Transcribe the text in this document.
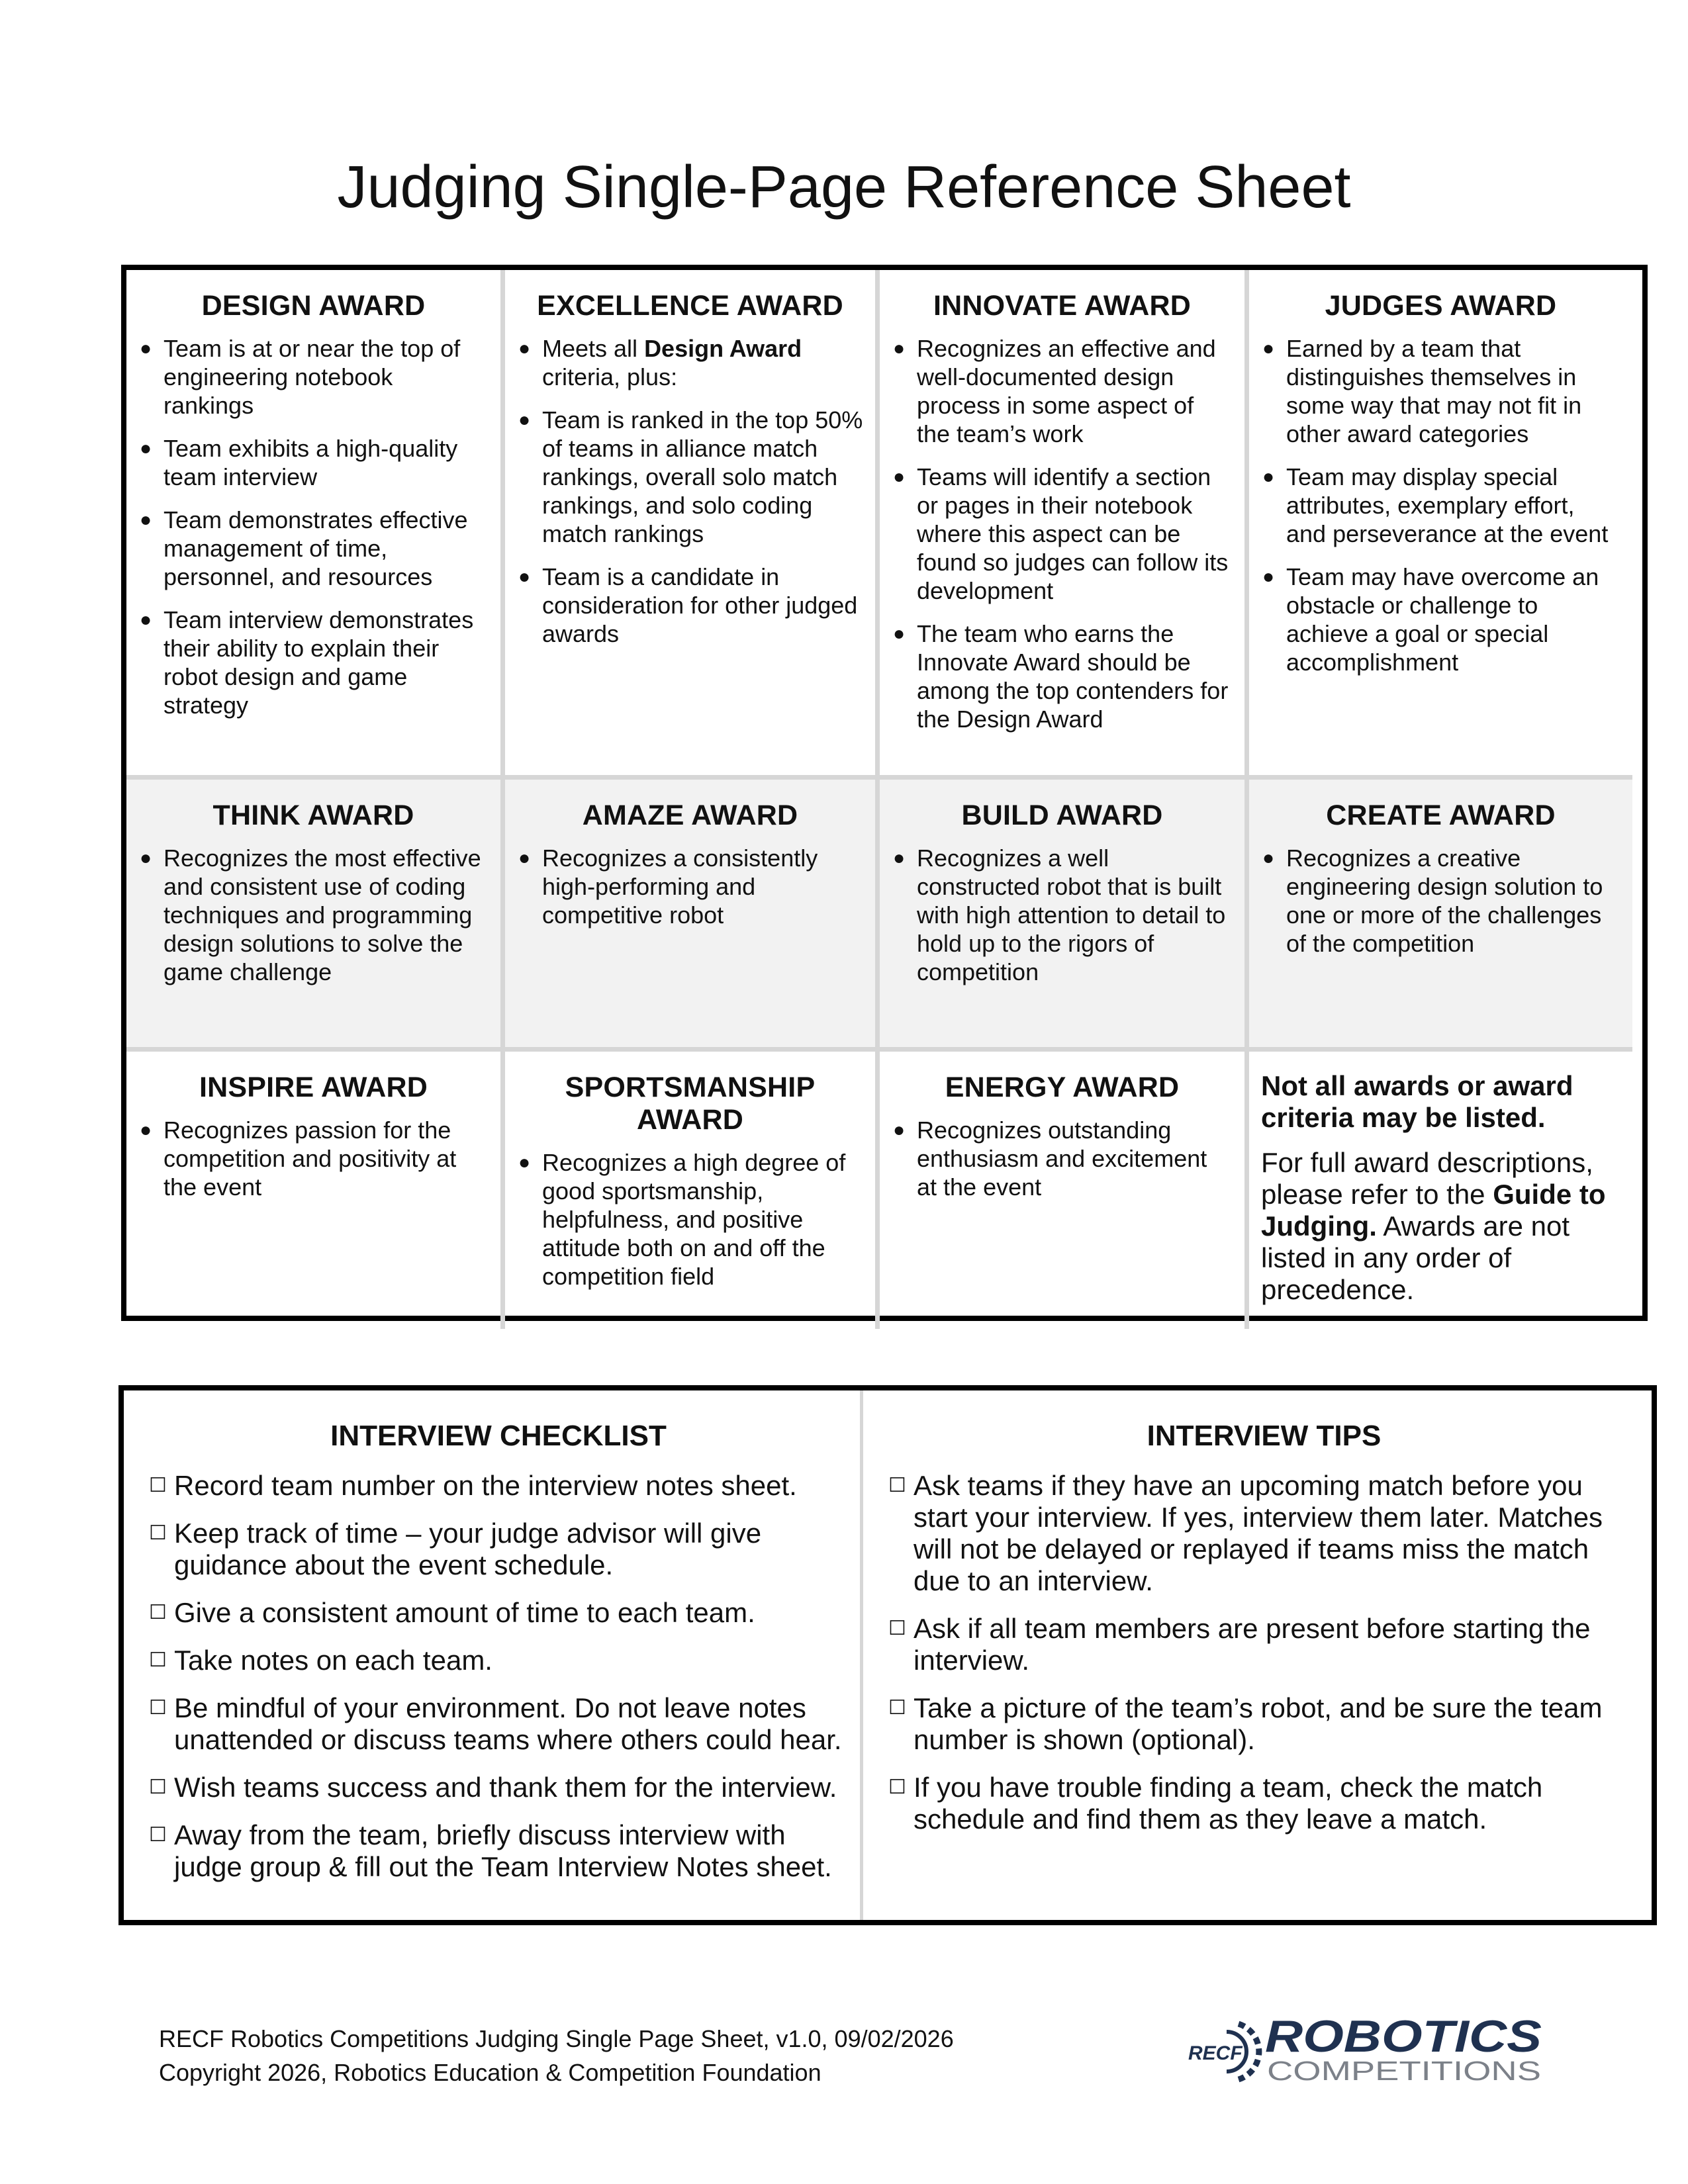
Judging Single-Page Reference Sheet
DESIGN AWARD
● Team is at or near the top of engineering notebook rankings
● Team exhibits a high-quality team interview
● Team demonstrates effective management of time, personnel, and resources
● Team interview demonstrates their ability to explain their robot design and game strategy
EXCELLENCE AWARD
● Meets all Design Award criteria, plus:
● Team is ranked in the top 50% of teams in alliance match rankings, overall solo match rankings, and solo coding match rankings
● Team is a candidate in consideration for other judged awards
INNOVATE AWARD
● Recognizes an effective and well-documented design process in some aspect of the team’s work
● Teams will identify a section or pages in their notebook where this aspect can be found so judges can follow its development
● The team who earns the Innovate Award should be among the top contenders for the Design Award
JUDGES AWARD
● Earned by a team that distinguishes themselves in some way that may not fit in other award categories
● Team may display special attributes, exemplary effort, and perseverance at the event
● Team may have overcome an obstacle or challenge to achieve a goal or special accomplishment
THINK AWARD
● Recognizes the most effective and consistent use of coding techniques and programming design solutions to solve the game challenge
AMAZE AWARD
● Recognizes a consistently high-performing and competitive robot
BUILD AWARD
● Recognizes a well constructed robot that is built with high attention to detail to hold up to the rigors of competition
CREATE AWARD
● Recognizes a creative engineering design solution to one or more of the challenges of the competition
INSPIRE AWARD
● Recognizes passion for the competition and positivity at the event
SPORTSMANSHIP AWARD
● Recognizes a high degree of good sportsmanship, helpfulness, and positive attitude both on and off the competition field
ENERGY AWARD
● Recognizes outstanding enthusiasm and excitement at the event
Not all awards or award criteria may be listed.
For full award descriptions, please refer to the Guide to Judging. Awards are not listed in any order of precedence.
INTERVIEW CHECKLIST
☐ Record team number on the interview notes sheet.
☐ Keep track of time – your judge advisor will give guidance about the event schedule.
☐ Give a consistent amount of time to each team.
☐ Take notes on each team.
☐ Be mindful of your environment. Do not leave notes unattended or discuss teams where others could hear.
☐ Wish teams success and thank them for the interview.
☐ Away from the team, briefly discuss interview with judge group & fill out the Team Interview Notes sheet.
INTERVIEW TIPS
☐ Ask teams if they have an upcoming match before you start your interview. If yes, interview them later. Matches will not be delayed or replayed if teams miss the match due to an interview.
☐ Ask if all team members are present before starting the interview.
☐ Take a picture of the team’s robot, and be sure the team number is shown (optional).
☐ If you have trouble finding a team, check the match schedule and find them as they leave a match.
RECF Robotics Competitions Judging Single Page Sheet, v1.0, 09/02/2026
Copyright 2026, Robotics Education & Competition Foundation
RECF ROBOTICS
COMPETITIONS
